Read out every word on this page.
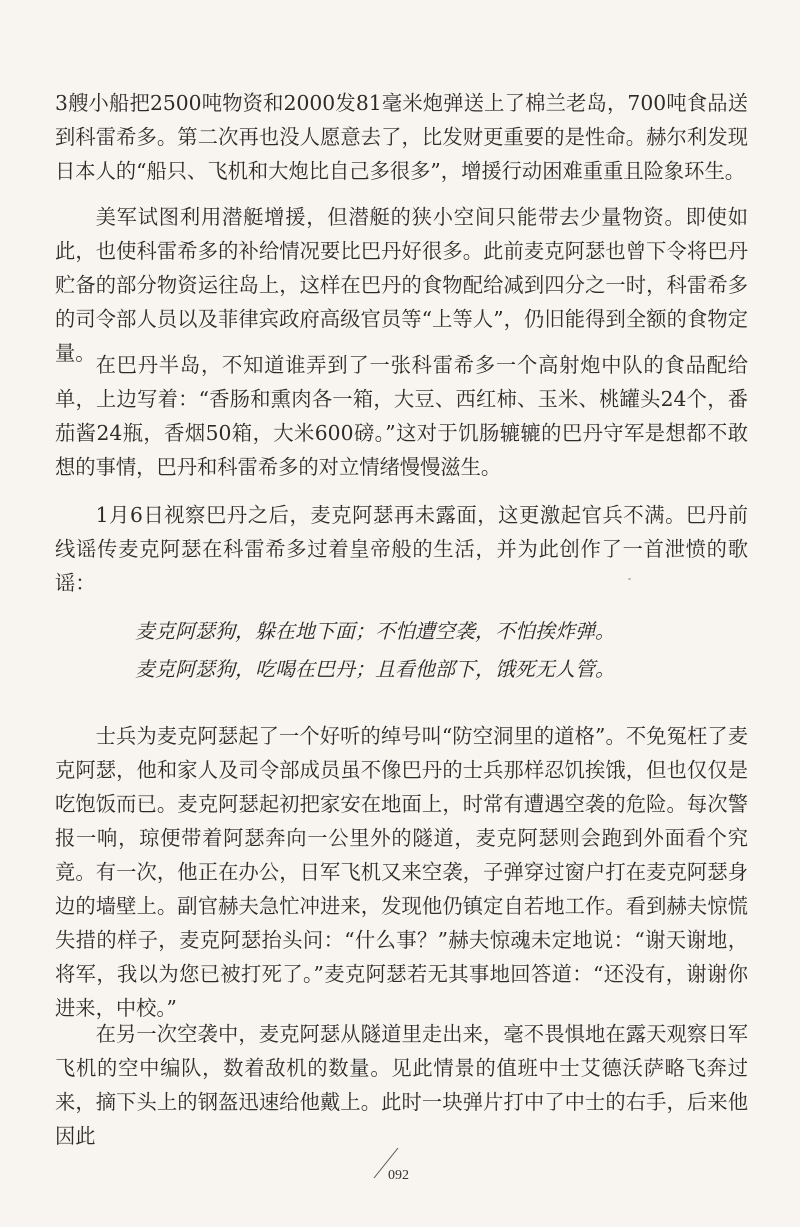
3艘小船把2500吨物资和2000发81毫米炮弹送上了棉兰老岛，700吨食品送到科雷希多。第二次再也没人愿意去了，比发财更重要的是性命。赫尔利发现日本人的“船只、飞机和大炮比自己多很多”，增援行动困难重重且险象环生。

美军试图利用潜艇增援，但潜艇的狭小空间只能带去少量物资。即使如此，也使科雷希多的补给情况要比巴丹好很多。此前麦克阿瑟也曾下令将巴丹贮备的部分物资运往岛上，这样在巴丹的食物配给减到四分之一时，科雷希多的司令部人员以及菲律宾政府高级官员等“上等人”，仍旧能得到全额的食物定量。 在巴丹半岛，不知道谁弄到了一张科雷希多一个高射炮中队的食品配给单，上边写着：“香肠和熏肉各一箱，大豆、西红柿、玉米、桃罐头24个，番茄酱24瓶，香烟50箱，大米600磅。”这对于饥肠辘辘的巴丹守军是想都不敢想的事情，巴丹和科雷希多的对立情绪慢慢滋生。

1月6日视察巴丹之后，麦克阿瑟再未露面，这更激起官兵不满。巴丹前线谣传麦克阿瑟在科雷希多过着皇帝般的生活，并为此创作了一首泄愤的歌谣：

麦克阿瑟狗，躲在地下面；不怕遭空袭，不怕挨炸弹。
麦克阿瑟狗，吃喝在巴丹；且看他部下，饿死无人管。

士兵为麦克阿瑟起了一个好听的绰号叫“防空洞里的道格”。不免冤枉了麦克阿瑟，他和家人及司令部成员虽不像巴丹的士兵那样忍饥挨饿，但也仅仅是吃饱饭而已。麦克阿瑟起初把家安在地面上，时常有遭遇空袭的危险。每次警报一响，琼便带着阿瑟奔向一公里外的隧道，麦克阿瑟则会跑到外面看个究竟。有一次，他正在办公，日军飞机又来空袭，子弹穿过窗户打在麦克阿瑟身边的墙壁上。副官赫夫急忙冲进来，发现他仍镇定自若地工作。看到赫夫惊慌失措的样子，麦克阿瑟抬头问：“什么事？”赫夫惊魂未定地说：“谢天谢地，将军，我以为您已被打死了。”麦克阿瑟若无其事地回答道：“还没有，谢谢你进来，中校。”

在另一次空袭中，麦克阿瑟从隧道里走出来，毫不畏惧地在露天观察日军飞机的空中编队，数着敌机的数量。见此情景的值班中士艾德沃萨略飞奔过来，摘下头上的钢盔迅速给他戴上。此时一块弹片打中了中士的右手，后来他因此

092
